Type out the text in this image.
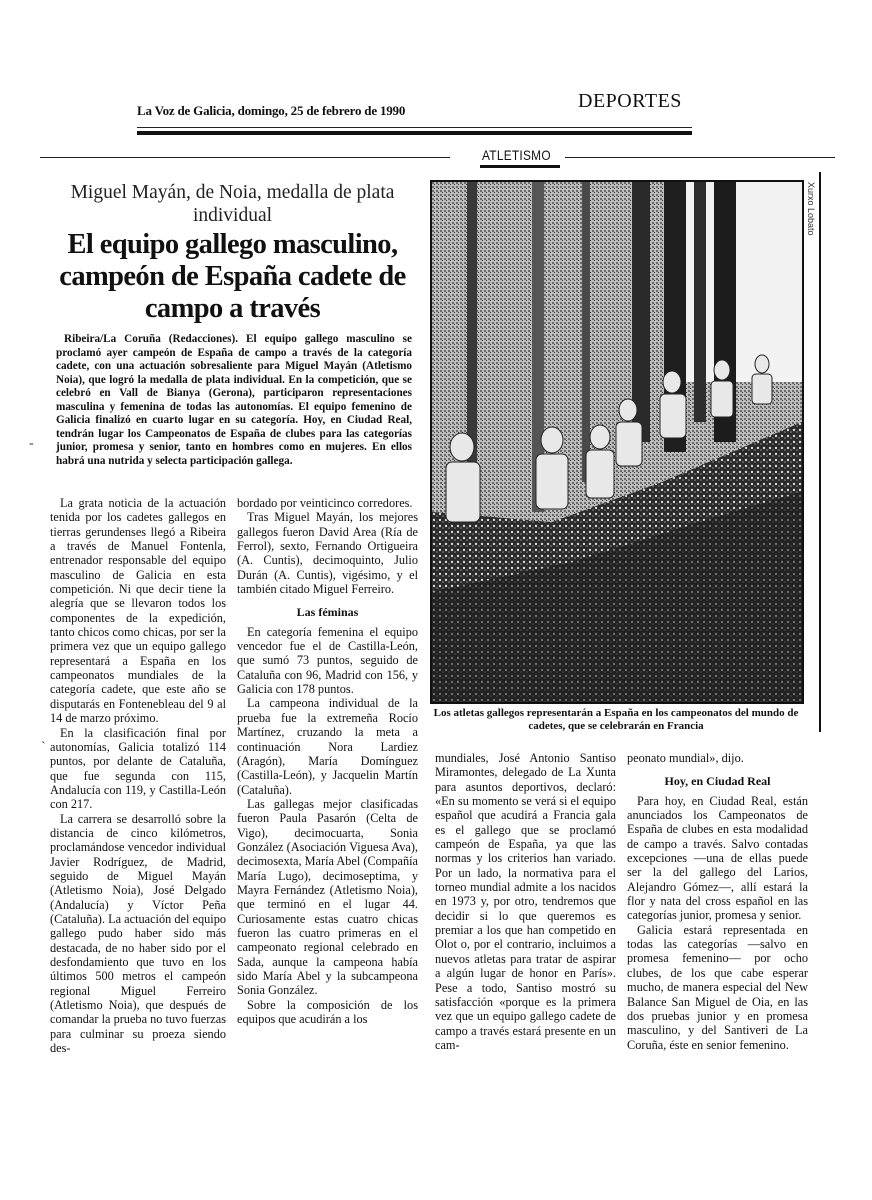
La Voz de Galicia, domingo, 25 de febrero de 1990	DEPORTES
ATLETISMO
Miguel Mayán, de Noia, medalla de plata individual
El equipo gallego masculino, campeón de España cadete de campo a través
Ribeira/La Coruña (Redacciones). El equipo gallego masculino se proclamó ayer campeón de España de campo a través de la categoría cadete, con una actuación sobresaliente para Miguel Mayán (Atletismo Noia), que logró la medalla de plata individual. En la competición, que se celebró en Vall de Bianya (Gerona), participaron representaciones masculina y femenina de todas las autonomías. El equipo femenino de Galicia finalizó en cuarto lugar en su categoría. Hoy, en Ciudad Real, tendrán lugar los Campeonatos de España de clubes para las categorías junior, promesa y senior, tanto en hombres como en mujeres. En ellos habrá una nutrida y selecta participación gallega.
-
`
Xurxo Lobato
Los atletas gallegos representarán a España en los campeonatos del mundo de cadetes, que se celebrarán en Francia

La grata noticia de la actuación tenida por los cadetes gallegos en tierras gerundenses llegó a Ribeira a través de Manuel Fontenla, entrenador responsable del equipo masculino de Galicia en esta competición. Ni que decir tiene la alegría que se llevaron todos los componentes de la expedición, tanto chicos como chicas, por ser la primera vez que un equipo gallego representará a España en los campeonatos mundiales de la categoría cadete, que este año se disputarás en Fontenebleau del 9 al 14 de marzo próximo.

En la clasificación final por autonomías, Galicia totalizó 114 puntos, por delante de Cataluña, que fue segunda con 115, Andalucía con 119, y Castilla-León con 217.

La carrera se desarrolló sobre la distancia de cinco kilómetros, proclamándose vencedor individual Javier Rodríguez, de Madrid, seguido de Miguel Mayán (Atletismo Noia), José Delgado (Andalucía) y Víctor Peña (Cataluña). La actuación del equipo gallego pudo haber sido más destacada, de no haber sido por el desfondamiento que tuvo en los últimos 500 metros el campeón regional Miguel Ferreiro (Atletismo Noia), que después de comandar la prueba no tuvo fuerzas para culminar su proeza siendo des-

bordado por veinticinco corredores.

Tras Miguel Mayán, los mejores gallegos fueron David Area (Ría de Ferrol), sexto, Fernando Ortigueira (A. Cuntis), decimoquinto, Julio Durán (A. Cuntis), vigésimo, y el también citado Miguel Ferreiro.

Las féminas

En categoría femenina el equipo vencedor fue el de Castilla-León, que sumó 73 puntos, seguido de Cataluña con 96, Madrid con 156, y Galicia con 178 puntos.

La campeona individual de la prueba fue la extremeña Rocío Martínez, cruzando la meta a continuación Nora Lardiez (Aragón), María Domínguez (Castilla-León), y Jacquelin Martín (Cataluña).

Las gallegas mejor clasificadas fueron Paula Pasarón (Celta de Vigo), decimocuarta, Sonia González (Asociación Viguesa Ava), decimosexta, María Abel (Compañía María Lugo), decimoseptima, y Mayra Fernández (Atletismo Noia), que terminó en el lugar 44. Curiosamente estas cuatro chicas fueron las cuatro primeras en el campeonato regional celebrado en Sada, aunque la campeona había sido María Abel y la subcampeona Sonia González.

Sobre la composición de los equipos que acudirán a los

mundiales, José Antonio Santiso Miramontes, delegado de La Xunta para asuntos deportivos, declaró: «En su momento se verá si el equipo español que acudirá a Francia gala es el gallego que se proclamó campeón de España, ya que las normas y los criterios han variado. Por un lado, la normativa para el torneo mundial admite a los nacidos en 1973 y, por otro, tendremos que decidir si lo que queremos es premiar a los que han competido en Olot o, por el contrario, incluimos a nuevos atletas para tratar de aspirar a algún lugar de honor en París». Pese a todo, Santiso mostró su satisfacción «porque es la primera vez que un equipo gallego cadete de campo a través estará presente en un cam-

peonato mundial», dijo.

Hoy, en Ciudad Real

Para hoy, en Ciudad Real, están anunciados los Campeonatos de España de clubes en esta modalidad de campo a través. Salvo contadas excepciones —una de ellas puede ser la del gallego del Larios, Alejandro Gómez—, allí estará la flor y nata del cross español en las categorías junior, promesa y senior.

Galicia estará representada en todas las categorías —salvo en promesa femenino— por ocho clubes, de los que cabe esperar mucho, de manera especial del New Balance San Miguel de Oia, en las dos pruebas junior y en promesa masculino, y del Santiveri de La Coruña, éste en senior femenino.
